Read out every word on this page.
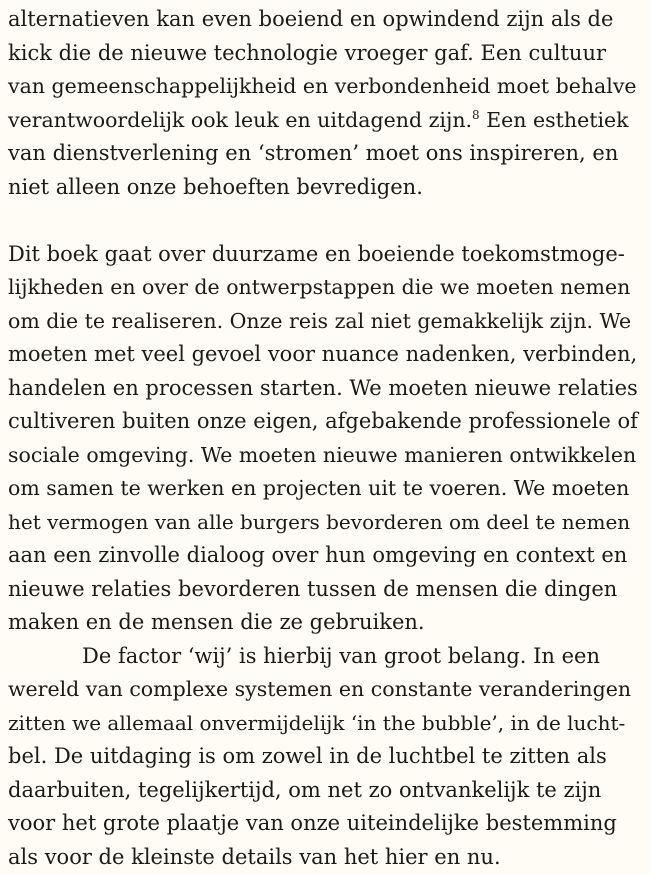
alternatieven kan even boeiend en opwindend zijn als de
kick die de nieuwe technologie vroeger gaf. Een cultuur
van gemeenschappelijkheid en verbondenheid moet behalve
verantwoordelijk ook leuk en uitdagend zijn.$^8$ Een esthetiek
van dienstverlening en ‘stromen’ moet ons inspireren, en
niet alleen onze behoeften bevredigen.

Dit boek gaat over duurzame en boeiende toekomstmoge-
lijkheden en over de ontwerpstappen die we moeten nemen
om die te realiseren. Onze reis zal niet gemakkelijk zijn. We
moeten met veel gevoel voor nuance nadenken, verbinden,
handelen en processen starten. We moeten nieuwe relaties
cultiveren buiten onze eigen, afgebakende professionele of
sociale omgeving. We moeten nieuwe manieren ontwikkelen
om samen te werken en projecten uit te voeren. We moeten
het vermogen van alle burgers bevorderen om deel te nemen
aan een zinvolle dialoog over hun omgeving en context en
nieuwe relaties bevorderen tussen de mensen die dingen
maken en de mensen die ze gebruiken.

De factor ‘wij’ is hierbij van groot belang. In een
wereld van complexe systemen en constante veranderingen
zitten we allemaal onvermijdelijk ‘in the bubble’, in de lucht-
bel. De uitdaging is om zowel in de luchtbel te zitten als
daarbuiten, tegelijkertijd, om net zo ontvankelijk te zijn
voor het grote plaatje van onze uiteindelijke bestemming
als voor de kleinste details van het hier en nu.
